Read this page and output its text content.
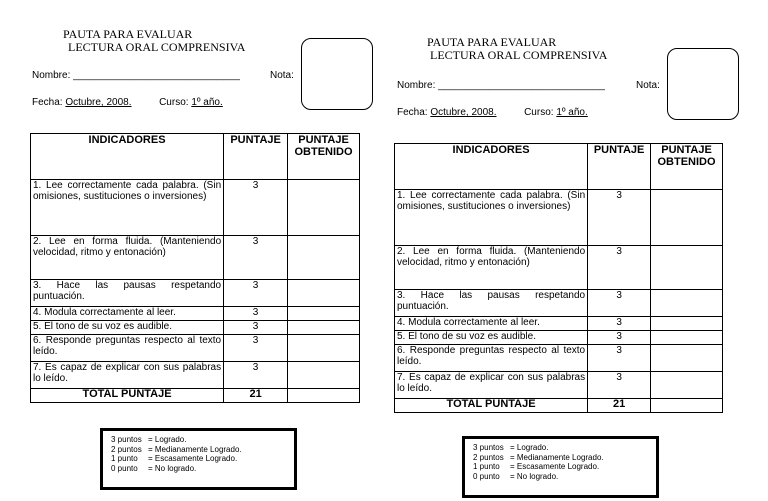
PAUTA PARA EVALUAR
LECTURA ORAL COMPRENSIVA
Nombre: ______________________________	Nota:
Fecha: Octubre, 2008.	Curso: 1º año.
INDICADORES	PUNTAJE	PUNTAJE OBTENIDO
1. Lee correctamente cada palabra. (Sin omisiones, sustituciones o inversiones)	3	
2. Lee en forma fluida. (Manteniendo velocidad, ritmo y entonación)	3	
3. Hace las pausas respetando puntuación.	3	
4. Modula correctamente al leer.	3	
5. El tono de su voz es audible.	3	
6. Responde preguntas respecto al texto leído.	3	
7. Es capaz de explicar con sus palabras lo leído.	3	
TOTAL PUNTAJE	21	
3 puntos = Logrado.
2 puntos = Medianamente Logrado.
1 punto	= Escasamente Logrado.
0 punto	= No logrado.
PAUTA PARA EVALUAR
LECTURA ORAL COMPRENSIVA
Nombre: ______________________________	Nota:
Fecha: Octubre, 2008.	Curso: 1º año.
INDICADORES	PUNTAJE	PUNTAJE OBTENIDO
1. Lee correctamente cada palabra. (Sin omisiones, sustituciones o inversiones)	3	
2. Lee en forma fluida. (Manteniendo velocidad, ritmo y entonación)	3	
3. Hace las pausas respetando puntuación.	3	
4. Modula correctamente al leer.	3	
5. El tono de su voz es audible.	3	
6. Responde preguntas respecto al texto leído.	3	
7. Es capaz de explicar con sus palabras lo leído.	3	
TOTAL PUNTAJE	21	
3 puntos = Logrado.
2 puntos = Medianamente Logrado.
1 punto	= Escasamente Logrado.
0 punto	= No logrado.
